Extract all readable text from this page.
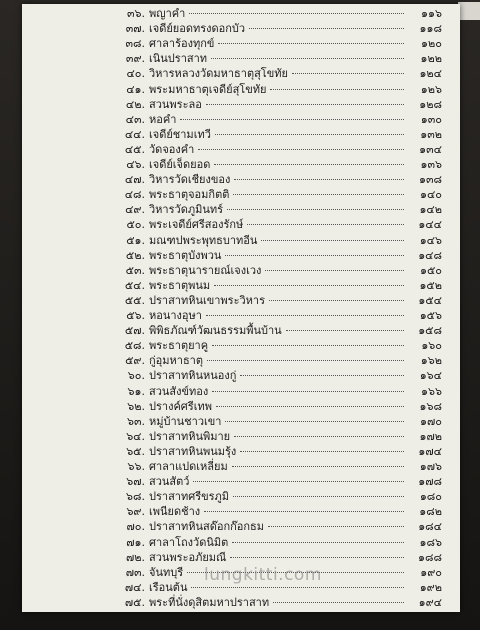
๓๖. พญาคำ	๑๑๖
๓๗. เจดีย์ยอดทรงดอกบัว	๑๑๘
๓๘. ศาลาร้องทุกข์	๑๒๐
๓๙. เนินปราสาท	๑๒๒
๔๐. วิหารหลวงวัดมหาธาตุสุโขทัย	๑๒๔
๔๑. พระมหาธาตุเจดีย์สุโขทัย	๑๒๖
๔๒. สวนพระลอ	๑๒๘
๔๓. หอคำ	๑๓๐
๔๔. เจดีย์ชามเทวี	๑๓๒
๔๕. วัดจองคำ	๑๓๔
๔๖. เจดีย์เจ็ดยอด	๑๓๖
๔๗. วิหารวัดเชียงของ	๑๓๘
๔๘. พระธาตุจอมกิตติ	๑๔๐
๔๙. วิหารวัดภูมินทร์	๑๔๒
๕๐. พระเจดีย์ศรีสองรักษ์	๑๔๔
๕๑. มณฑปพระพุทธบาทอีน	๑๔๖
๕๒. พระธาตุบังพวน	๑๔๘
๕๓. พระธาตุนารายณ์เจงเวง	๑๕๐
๕๔. พระธาตุพนม	๑๕๒
๕๕. ปราสาทหินเขาพระวิหาร	๑๕๔
๕๖. หอนางอุษา	๑๕๖
๕๗. พิพิธภัณฑ์วัฒนธรรมพื้นบ้าน	๑๕๘
๕๘. พระธาตุยาคู	๑๖๐
๕๙. กู่อุมหาธาตุ	๑๖๒
๖๐. ปราสาทหินหนองกู่	๑๖๔
๖๑. สวนสังข์ทอง	๑๖๖
๖๒. ปรางค์ศรีเทพ	๑๖๘
๖๓. หมู่บ้านชาวเขา	๑๗๐
๖๔. ปราสาทหินพิมาย	๑๗๒
๖๕. ปราสาทหินพนมรุ้ง	๑๗๔
๖๖. ศาลาแปดเหลี่ยม	๑๗๖
๖๗. สวนสัตว์	๑๗๘
๖๘. ปราสาทศรีขรภูมิ	๑๘๐
๖๙. เพนียดช้าง	๑๘๒
๗๐. ปราสาทหินสด๊อกก๊อกธม	๑๘๔
๗๑. ศาลาโถงวัดนิมิต	๑๘๖
๗๒. สวนพระอภัยมณี	๑๘๘
๗๓. จันทบุรี	๑๙๐
๗๔. เรือนต้น	๑๙๒
๗๕. พระที่นั่งดุสิตมหาปราสาท	๑๙๔
lungkitti.com
